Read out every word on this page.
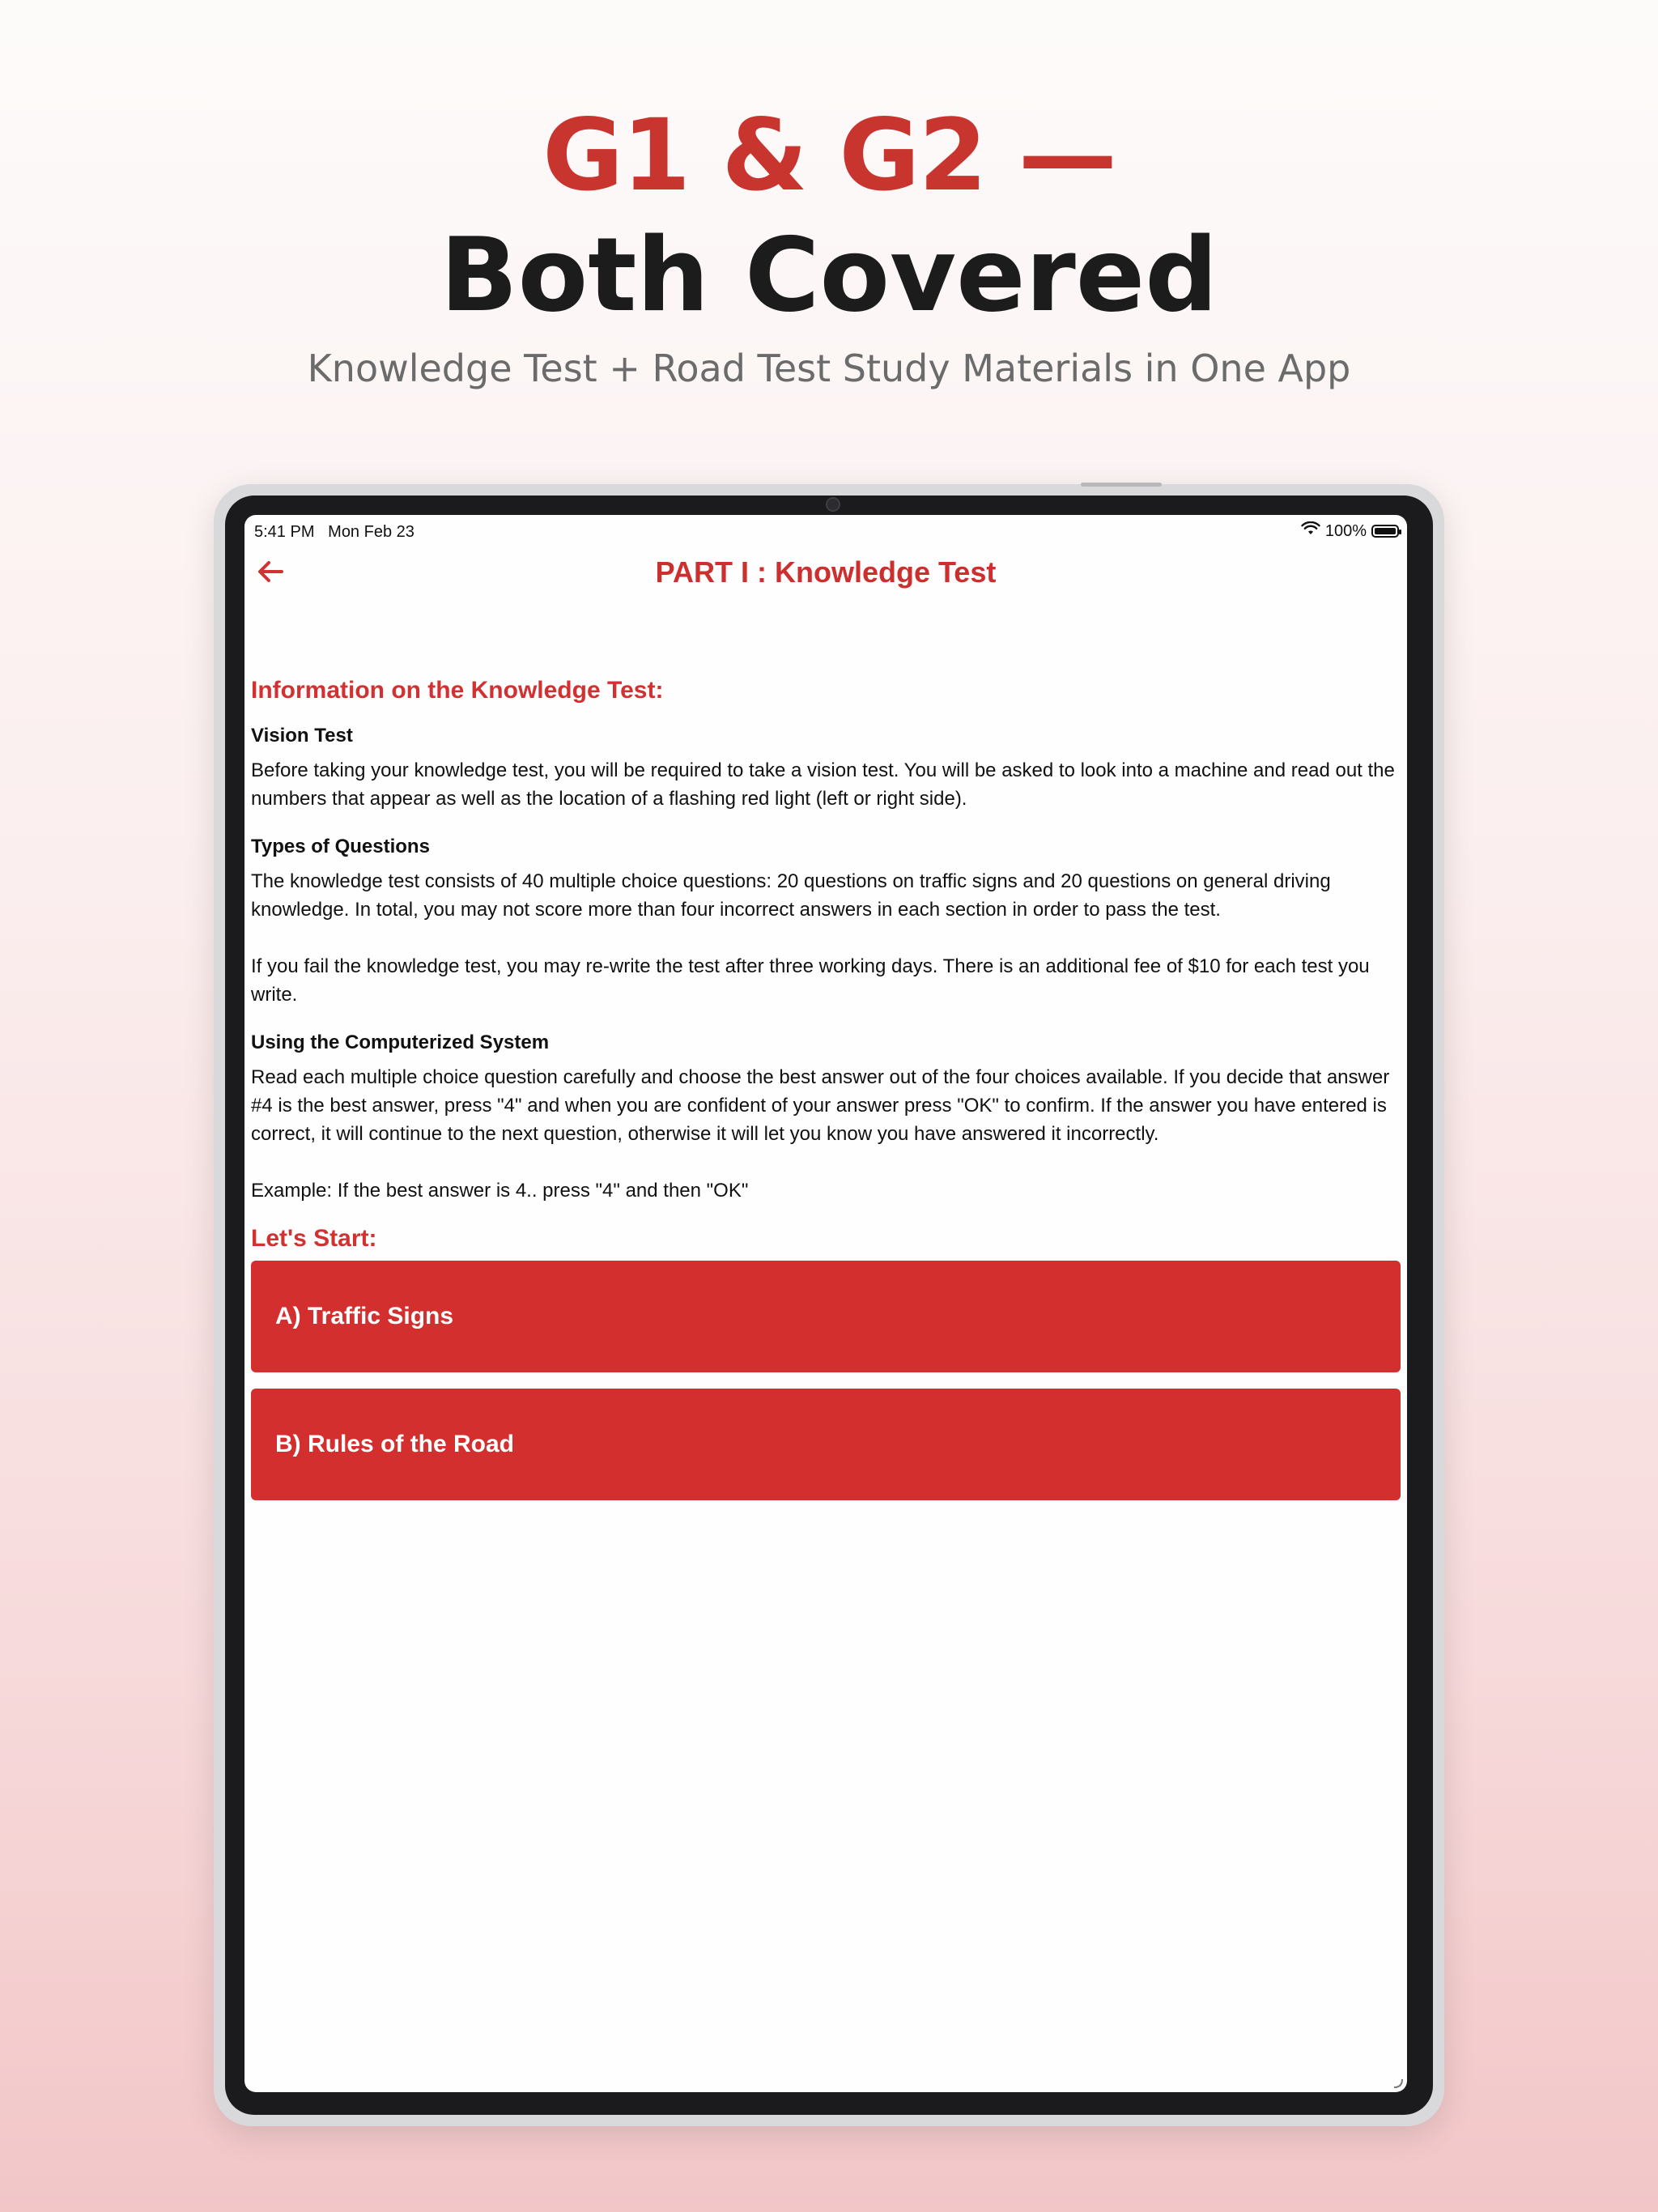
G1 & G2 —
Both Covered
Knowledge Test + Road Test Study Materials in One App
5:41 PM   Mon Feb 23	100%
PART I : Knowledge Test
Information on the Knowledge Test:
Vision Test
Before taking your knowledge test, you will be required to take a vision test. You will be asked to look into a machine and read out the numbers that appear as well as the location of a flashing red light (left or right side).
Types of Questions
The knowledge test consists of 40 multiple choice questions: 20 questions on traffic signs and 20 questions on general driving knowledge. In total, you may not score more than four incorrect answers in each section in order to pass the test.
If you fail the knowledge test, you may re-write the test after three working days. There is an additional fee of $10 for each test you write.
Using the Computerized System
Read each multiple choice question carefully and choose the best answer out of the four choices available. If you decide that answer #4 is the best answer, press "4" and when you are confident of your answer press "OK" to confirm. If the answer you have entered is correct, it will continue to the next question, otherwise it will let you know you have answered it incorrectly.
Example: If the best answer is 4.. press "4" and then "OK"
Let's Start:
A) Traffic Signs
B) Rules of the Road
